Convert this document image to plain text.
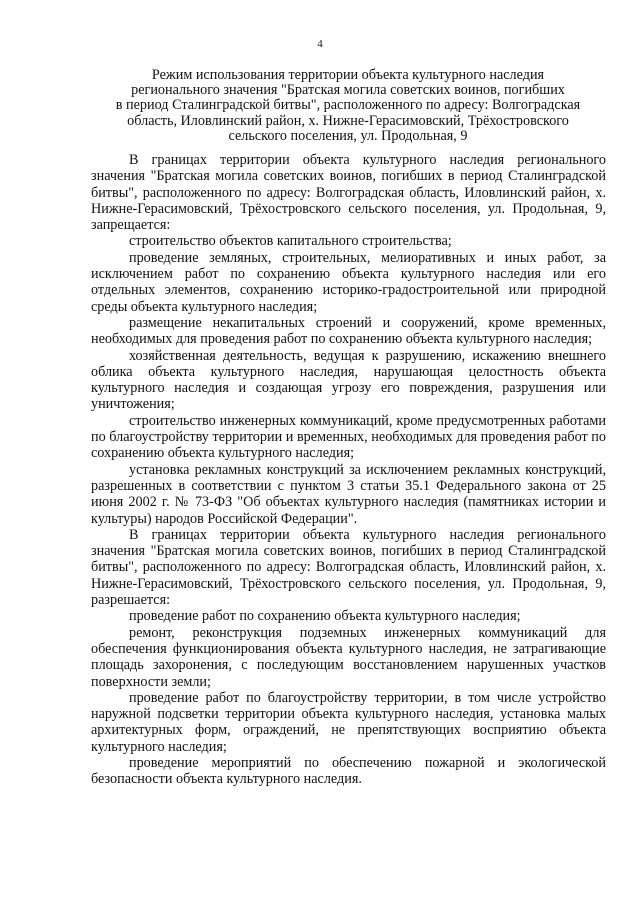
4
Режим использования территории объекта культурного наследия
регионального значения "Братская могила советских воинов, погибших
в период Сталинградской битвы", расположенного по адресу: Волгоградская
область, Иловлинский район, х. Нижне-Герасимовский, Трёхостровского
сельского поселения, ул. Продольная, 9

В границах территории объекта культурного наследия регионального значения "Братская могила советских воинов, погибших в период Сталинградской битвы", расположенного по адресу: Волгоградская область, Иловлинский район, х. Нижне-Герасимовский, Трёхостровского сельского поселения, ул. Продольная, 9, запрещается:

строительство объектов капитального строительства;

проведение земляных, строительных, мелиоративных и иных работ, за исключением работ по сохранению объекта культурного наследия или его отдельных элементов, сохранению историко-градостроительной или природной среды объекта культурного наследия;

размещение некапитальных строений и сооружений, кроме временных, необходимых для проведения работ по сохранению объекта культурного наследия;

хозяйственная деятельность, ведущая к разрушению, искажению внешнего облика объекта культурного наследия, нарушающая целостность объекта культурного наследия и создающая угрозу его повреждения, разрушения или уничтожения;

строительство инженерных коммуникаций, кроме предусмотренных работами по благоустройству территории и временных, необходимых для проведения работ по сохранению объекта культурного наследия;

установка рекламных конструкций за исключением рекламных конструкций, разрешенных в соответствии с пунктом 3 статьи 35.1 Федерального закона от 25 июня 2002 г. № 73-ФЗ "Об объектах культурного наследия (памятниках истории и культуры) народов Российской Федерации".

В границах территории объекта культурного наследия регионального значения "Братская могила советских воинов, погибших в период Сталинградской битвы", расположенного по адресу: Волгоградская область, Иловлинский район, х. Нижне-Герасимовский, Трёхостровского сельского поселения, ул. Продольная, 9, разрешается:

проведение работ по сохранению объекта культурного наследия;

ремонт, реконструкция подземных инженерных коммуникаций для обеспечения функционирования объекта культурного наследия, не затрагивающие площадь захоронения, с последующим восстановлением нарушенных участков поверхности земли;

проведение работ по благоустройству территории, в том числе устройство наружной подсветки территории объекта культурного наследия, установка малых архитектурных форм, ограждений, не препятствующих восприятию объекта культурного наследия;

проведение мероприятий по обеспечению пожарной и экологической безопасности объекта культурного наследия.
